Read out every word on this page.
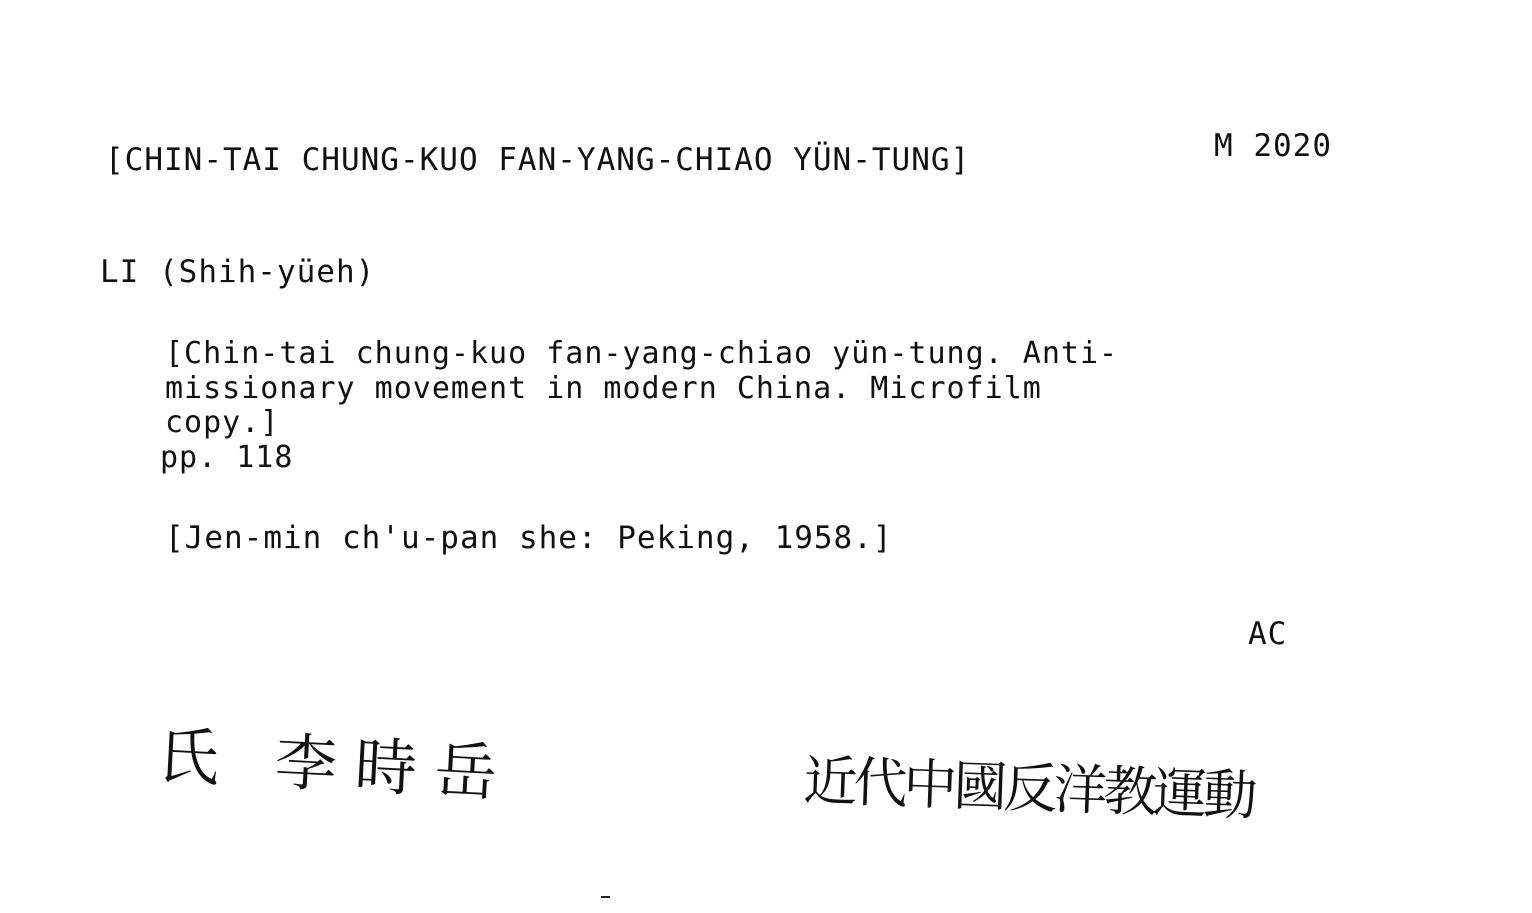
[CHIN-TAI CHUNG-KUO FAN-YANG-CHIAO YÜN-TUNG]	M 2020
LI (Shih-yüeh)
[Chin-tai chung-kuo fan-yang-chiao yün-tung. Anti-
missionary movement in modern China. Microfilm
copy.]
pp. 118
[Jen-min ch'u-pan she: Peking, 1958.]
AC
氏 李時岳	近代中國反洋教運動
